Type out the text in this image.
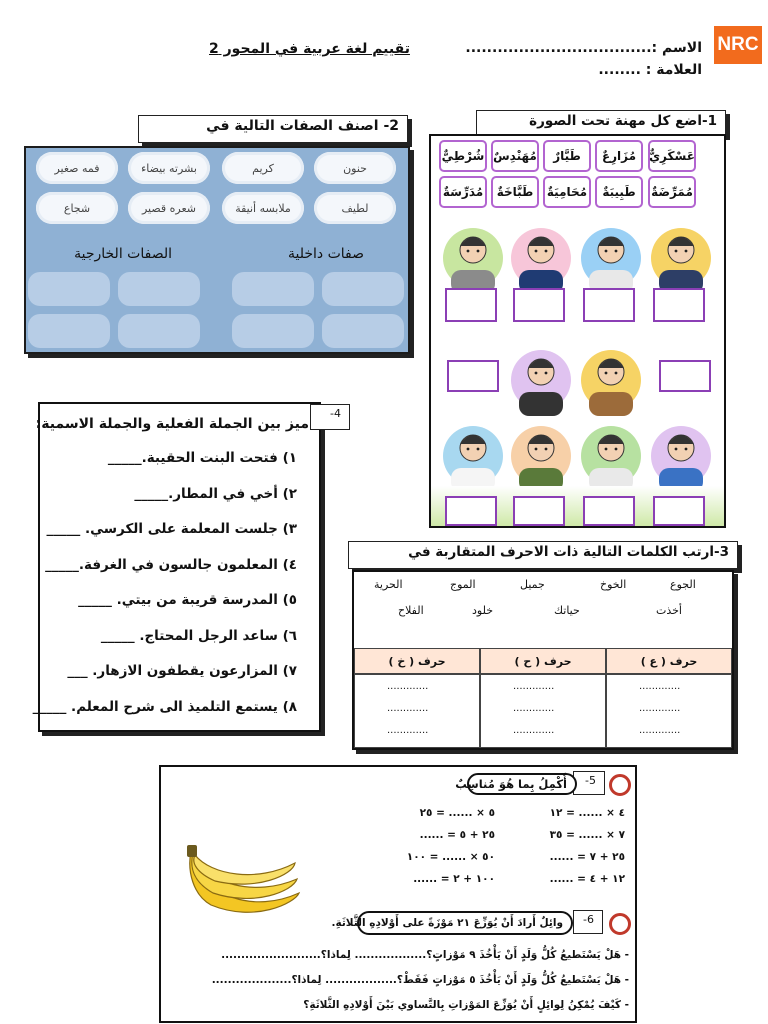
NRC
الاسم :...................................
العلامة : ........
تقييم لغة عربية في المحور 2
1-اضع كل مهنة تحت الصورة
عَسْكَرِيٌّ
مُزَارِعٌ
طَيَّارٌ
مُهَنْدِسٌ
شُرْطِيٌّ
مُمَرِّضَةٌ
طَبِيبَةٌ
مُحَامِيَةٌ
طَبَّاخَةٌ
مُدَرِّسَةٌ
2- اصنف الصفات التالية في
حنون
كريم
بشرته بيضاء
فمه صغير
لطيف
ملابسه أنيقة
شعره قصير
شجاع
صفات داخلية
الصفات الخارجية
4-
ميز بين الجملة الفعلية والجملة الاسمية:
١) فتحت البنت الحقيبة._____
٢) أخي في المطار._____
٣) جلست المعلمة على الكرسي. _____
٤) المعلمون جالسون في الغرفة._____
٥) المدرسة قريبة من بيتي. _____
٦) ساعد الرجل المحتاج. _____
٧) المزارعون يقطفون الازهار. ___
٨) يستمع التلميذ الى شرح المعلم. _____
3-ارتب الكلمات التالية ذات الاحرف المتقاربة في
الجوع
الخوخ
جميل
الموج
الحرية
أخذت
حياتك
خلود
الفلاح
حرف ( ع )
.............
.............
.............
حرف ( ح )
.............
.............
.............
حرف ( خ )
.............
.............
.............
5-
أُكْمِلُ بِما هُوَ مُناسِبٌ
٤ × ...... = ١٢
٧ × ...... = ٣٥
٢٥ + ٧ = ......
١٢ + ٤ = ......
٥ × ...... = ٢٥
٢٥ + ٥ = ......
٥٠ × ...... = ١٠٠
١٠٠ + ٢ = ......
6-
وائِلٌ أَرادَ أَنْ يُوَزِّعَ ٢١ مَوْزَةً على أَوْلادِهِ الثَّلاثَةِ.
- هَلْ يَسْتَطيعُ كُلُّ وَلَدٍ أَنْ يَأْخُذَ ٩ مَوْزاتٍ؟.................. لِماذا؟.........................
- هَلْ يَسْتَطيعُ كُلُّ وَلَدٍ أَنْ يَأْخُذَ ٥ مَوْزاتٍ فَقَطْ؟.................. لِماذا؟....................
- كَيْفَ يُمْكِنُ لِوائِلٍ أَنْ يُوَزِّعَ المَوْزاتِ بِالتَّساوي بَيْنَ أَوْلادِهِ الثَّلاثَةِ؟
